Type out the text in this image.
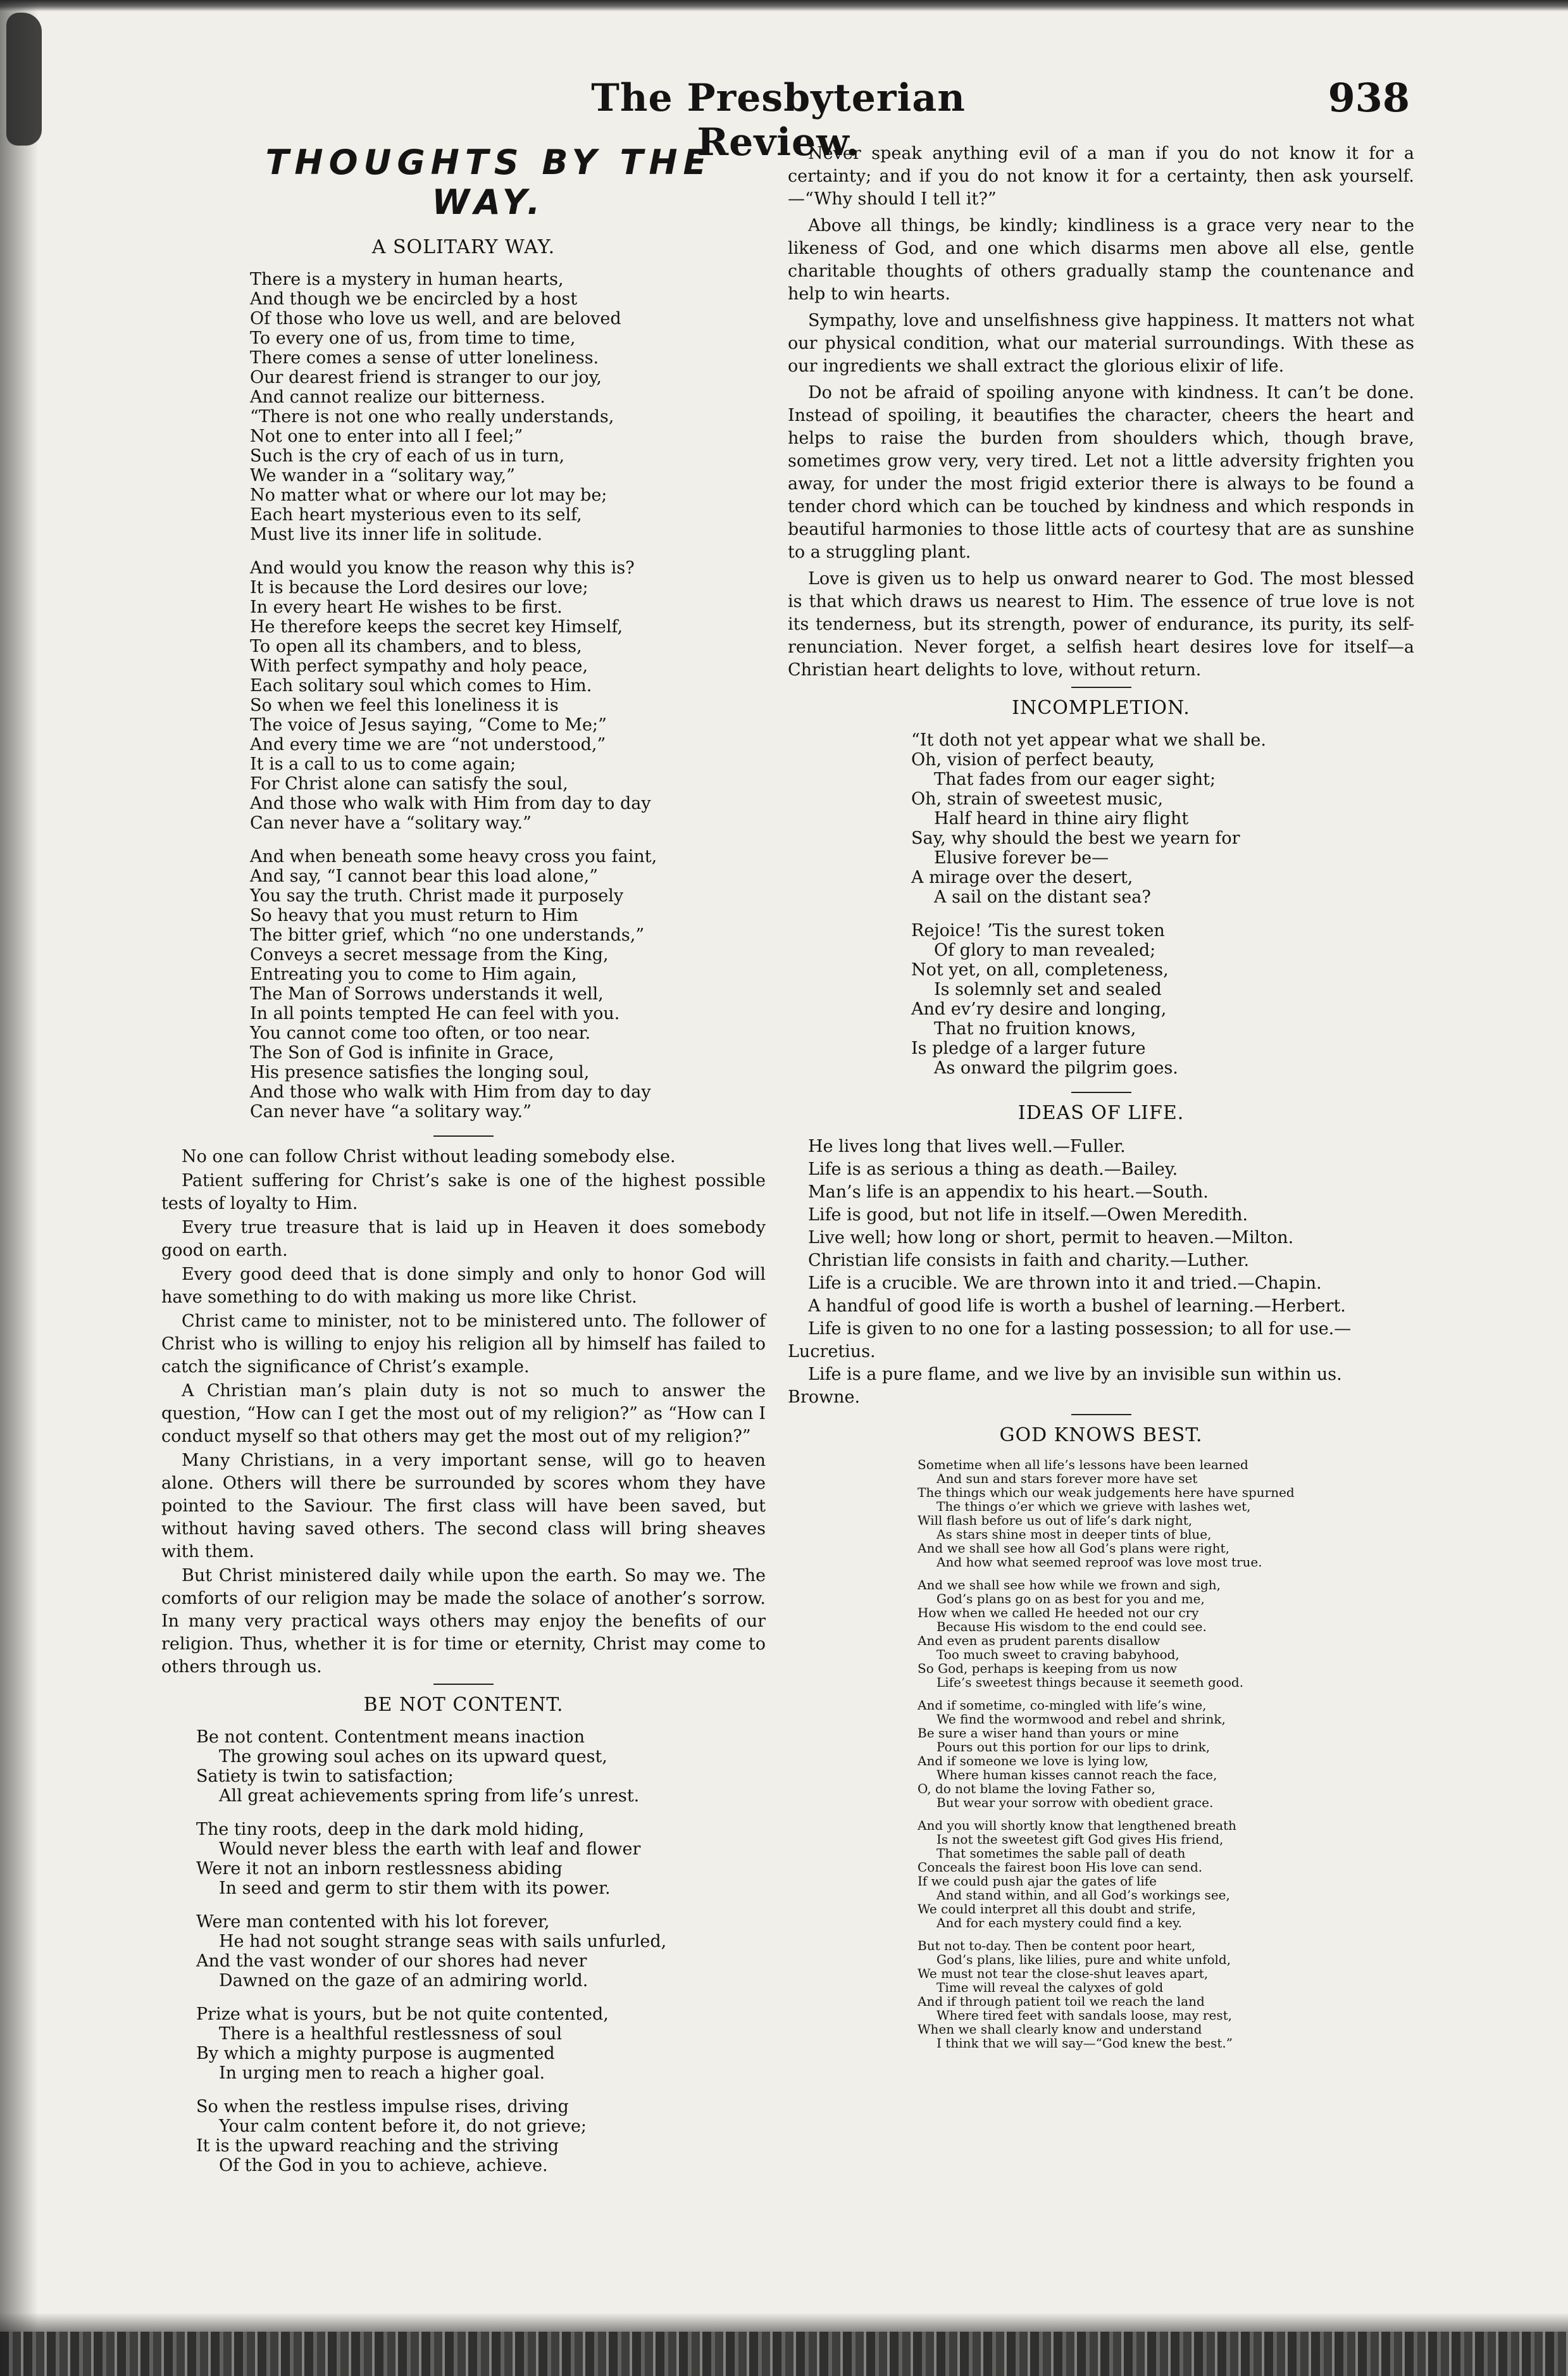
The Presbyterian Review.
938
THOUGHTS BY THE WAY.
A SOLITARY WAY.
There is a mystery in human hearts,
And though we be encircled by a host
Of those who love us well, and are beloved
To every one of us, from time to time,
There comes a sense of utter loneliness.
Our dearest friend is stranger to our joy,
And cannot realize our bitterness.
“There is not one who really understands,
Not one to enter into all I feel;”
Such is the cry of each of us in turn,
We wander in a “solitary way,”
No matter what or where our lot may be;
Each heart mysterious even to its self,
Must live its inner life in solitude.
And would you know the reason why this is?
It is because the Lord desires our love;
In every heart He wishes to be first.
He therefore keeps the secret key Himself,
To open all its chambers, and to bless,
With perfect sympathy and holy peace,
Each solitary soul which comes to Him.
So when we feel this loneliness it is
The voice of Jesus saying, “Come to Me;”
And every time we are “not understood,”
It is a call to us to come again;
For Christ alone can satisfy the soul,
And those who walk with Him from day to day
Can never have a “solitary way.”
And when beneath some heavy cross you faint,
And say, “I cannot bear this load alone,”
You say the truth. Christ made it purposely
So heavy that you must return to Him
The bitter grief, which “no one understands,”
Conveys a secret message from the King,
Entreating you to come to Him again,
The Man of Sorrows understands it well,
In all points tempted He can feel with you.
You cannot come too often, or too near.
The Son of God is infinite in Grace,
His presence satisfies the longing soul,
And those who walk with Him from day to day
Can never have “a solitary way.”

No one can follow Christ without leading somebody else.

Patient suffering for Christ’s sake is one of the highest possible tests of loyalty to Him.

Every true treasure that is laid up in Heaven it does somebody good on earth.

Every good deed that is done simply and only to honor God will have something to do with making us more like Christ.

Christ came to minister, not to be ministered unto. The follower of Christ who is willing to enjoy his religion all by himself has failed to catch the significance of Christ’s example.

A Christian man’s plain duty is not so much to answer the question, “How can I get the most out of my religion?” as “How can I conduct myself so that others may get the most out of my religion?”

Many Christians, in a very important sense, will go to heaven alone. Others will there be surrounded by scores whom they have pointed to the Saviour. The first class will have been saved, but without having saved others. The second class will bring sheaves with them.

But Christ ministered daily while upon the earth. So may we. The comforts of our religion may be made the solace of another’s sorrow. In many very practical ways others may enjoy the benefits of our religion. Thus, whether it is for time or eternity, Christ may come to others through us.

BE NOT CONTENT.
Be not content. Contentment means inaction
The growing soul aches on its upward quest,
Satiety is twin to satisfaction;
All great achievements spring from life’s unrest.
The tiny roots, deep in the dark mold hiding,
Would never bless the earth with leaf and flower
Were it not an inborn restlessness abiding
In seed and germ to stir them with its power.
Were man contented with his lot forever,
He had not sought strange seas with sails unfurled,
And the vast wonder of our shores had never
Dawned on the gaze of an admiring world.
Prize what is yours, but be not quite contented,
There is a healthful restlessness of soul
By which a mighty purpose is augmented
In urging men to reach a higher goal.
So when the restless impulse rises, driving
Your calm content before it, do not grieve;
It is the upward reaching and the striving
Of the God in you to achieve, achieve.

Never speak anything evil of a man if you do not know it for a certainty; and if you do not know it for a certainty, then ask yourself.—“Why should I tell it?”

Above all things, be kindly; kindliness is a grace very near to the likeness of God, and one which disarms men above all else, gentle charitable thoughts of others gradually stamp the countenance and help to win hearts.

Sympathy, love and unselfishness give happiness. It matters not what our physical condition, what our material surroundings. With these as our ingredients we shall extract the glorious elixir of life.

Do not be afraid of spoiling anyone with kindness. It can’t be done. Instead of spoiling, it beautifies the character, cheers the heart and helps to raise the burden from shoulders which, though brave, sometimes grow very, very tired. Let not a little adversity frighten you away, for under the most frigid exterior there is always to be found a tender chord which can be touched by kindness and which responds in beautiful harmonies to those little acts of courtesy that are as sunshine to a struggling plant.

Love is given us to help us onward nearer to God. The most blessed is that which draws us nearest to Him. The essence of true love is not its tenderness, but its strength, power of endurance, its purity, its self-renunciation. Never forget, a selfish heart desires love for itself—a Christian heart delights to love, without return.

INCOMPLETION.
“It doth not yet appear what we shall be.
Oh, vision of perfect beauty,
That fades from our eager sight;
Oh, strain of sweetest music,
Half heard in thine airy flight
Say, why should the best we yearn for
Elusive forever be—
A mirage over the desert,
A sail on the distant sea?
Rejoice! ’Tis the surest token
Of glory to man revealed;
Not yet, on all, completeness,
Is solemnly set and sealed
And ev’ry desire and longing,
That no fruition knows,
Is pledge of a larger future
As onward the pilgrim goes.
IDEAS OF LIFE.
He lives long that lives well.—Fuller.
Life is as serious a thing as death.—Bailey.
Man’s life is an appendix to his heart.—South.
Life is good, but not life in itself.—Owen Meredith.
Live well; how long or short, permit to heaven.—Milton.
Christian life consists in faith and charity.—Luther.
Life is a crucible. We are thrown into it and tried.—Chapin.
A handful of good life is worth a bushel of learning.—Herbert.
Life is given to no one for a lasting possession; to all for use.—
Lucretius.
Life is a pure flame, and we live by an invisible sun within us.
Browne.
GOD KNOWS BEST.
Sometime when all life’s lessons have been learned
And sun and stars forever more have set
The things which our weak judgements here have spurned
The things o’er which we grieve with lashes wet,
Will flash before us out of life’s dark night,
As stars shine most in deeper tints of blue,
And we shall see how all God’s plans were right,
And how what seemed reproof was love most true.
And we shall see how while we frown and sigh,
God’s plans go on as best for you and me,
How when we called He heeded not our cry
Because His wisdom to the end could see.
And even as prudent parents disallow
Too much sweet to craving babyhood,
So God, perhaps is keeping from us now
Life’s sweetest things because it seemeth good.
And if sometime, co-mingled with life’s wine,
We find the wormwood and rebel and shrink,
Be sure a wiser hand than yours or mine
Pours out this portion for our lips to drink,
And if someone we love is lying low,
Where human kisses cannot reach the face,
O, do not blame the loving Father so,
But wear your sorrow with obedient grace.
And you will shortly know that lengthened breath
Is not the sweetest gift God gives His friend,
That sometimes the sable pall of death
Conceals the fairest boon His love can send.
If we could push ajar the gates of life
And stand within, and all God’s workings see,
We could interpret all this doubt and strife,
And for each mystery could find a key.
But not to-day. Then be content poor heart,
God’s plans, like lilies, pure and white unfold,
We must not tear the close-shut leaves apart,
Time will reveal the calyxes of gold
And if through patient toil we reach the land
Where tired feet with sandals loose, may rest,
When we shall clearly know and understand
I think that we will say—“God knew the best.”
